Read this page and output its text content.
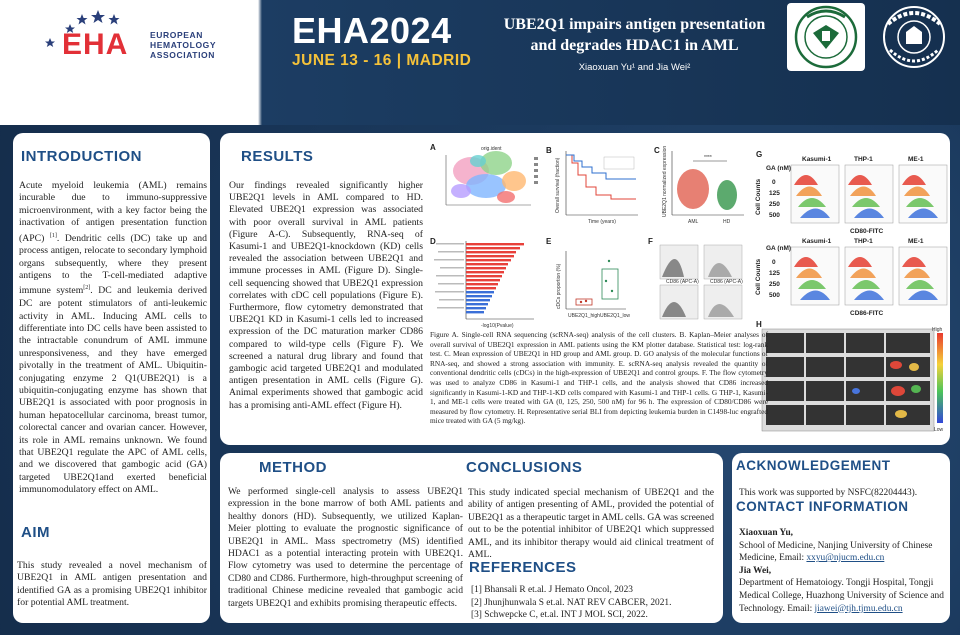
EHA	EUROPEAN HEMATOLOGY ASSOCIATION
EHA2024
JUNE 13 - 16 | MADRID
UBE2Q1 impairs antigen presentation
and degrades HDAC1 in AML
Xiaoxuan Yu¹ and Jia Wei²
INTRODUCTION
Acute myeloid leukemia (AML) remains incurable due to immuno-suppressive microenvironment, with a key factor being the inactivation of antigen presentation function (APC) [1]. Dendritic cells (DC) take up and process antigen, relocate to secondary lymphoid organs subsequently, where they present antigens to the T-cell-mediated adaptive immune system[2]. DC and leukemia derived DC are potent stimulators of anti-leukemic activity in AML. Inducing AML cells to differentiate into DC cells have been assisted to the intractable conundrum of AML immune unresponsiveness, and they have emerged pivotally in the treatment of AML. Ubiquitin-conjugating enzyme 2 Q1(UBE2Q1) is a ubiquitin-conjugating enzyme has shown that UBE2Q1 is associated with poor prognosis in human hepatocellular carcinoma, breast tumor, colorectal cancer and ovarian cancer. However, its role in AML remains unknown. We found that UBE2Q1 regulate the APC of AML cells, and we discovered that gambogic acid (GA) targeted UBE2Q1and exerted beneficial immunomodulatory effect on AML.
AIM
This study revealed a novel mechanism of UBE2Q1 in AML antigen presentation and identified GA as a promising UBE2Q1 inhibitor for potential AML treatment.
RESULTS
Our findings revealed significantly higher UBE2Q1 levels in AML compared to HD. Elevated UBE2Q1 expression was associated with poor overall survival in AML patients (Figure A-C). Subsequently, RNA-seq of Kasumi-1 and UBE2Q1-knockdown (KD) cells revealed the association between UBE2Q1 and immune processes in AML (Figure D). Single-cell sequencing showed that UBE2Q1 expression correlates with cDC cell populations (Figure E). Furthermore, flow cytometry demonstrated that UBE2Q1 KD in Kasumi-1 cells led to increased expression of the DC maturation marker CD86 compared to wild-type cells (Figure F). We screened a natural drug library and found that gambogic acid targeted UBE2Q1 and modulated antigen presentation in AML cells (Figure G). Animal experiments showed that gambogic acid has a promising anti-AML effect (Figure H).
A	orig.ident	B
Time (years)
Overall survival (fraction)
C
****
AML	HD
UBE2Q1 normalized expression
D
-log10(Pvalue)
E
UBE2Q1_high UBE2Q1_low
cDCs proportion (%)
F
CD86 (APC-A) CD86 (APC-A)
G
GA (nM)
0
125
250
500
Kasumi-1	THP-1	ME-1
Cell Counts
CD80-FITC
GA (nM)
0
125
250
500
Kasumi-1	THP-1	ME-1
Cell Counts
CD86-FITC
H
High
Low
Figure A. Single-cell RNA sequencing (scRNA-seq) analysis of the cell clusters. B. Kaplan–Meier analyses of overall survival of UBE2Q1 expression in AML patients using the KM plotter database. Statistical test: log-rank test. C. Mean expression of UBE2Q1 in HD group and AML group. D. GO analysis of the molecular functions of RNA-seq, and showed a strong association with immunity. E. scRNA-seq analysis revealed the quantity of conventional dendritic cells (cDCs) in the high-expression of UBE2Q1 and control groups. F. The flow cytometry was used to analyze CD86 in Kasumi-1 and THP-1 cells, and the analysis showed that CD86 increased significantly in Kasumi-1-KD and THP-1-KD cells compared with Kasumi-1 and THP-1 cells. G THP-1, Kasumi-1, and ME-1 cells were treated with GA (0, 125, 250, 500 nM) for 96 h. The expression of CD80/CD86 were measured by flow cytometry. H. Representative serial BLI from depicting leukemia burden in C1498-luc engrafted mice treated with GA (5 mg/kg).
METHOD
We performed single-cell analysis to assess UBE2Q1 expression in the bone marrow of both AML patients and healthy donors (HD). Subsequently, we utilized Kaplan-Meier plotting to evaluate the prognostic significance of UBE2Q1 in AML. Mass spectrometry (MS) identified HDAC1 as a potential interacting protein with UBE2Q1. Flow cytometry was used to determine the percentage of CD80 and CD86. Furthermore, high-throughput screening of traditional Chinese medicine revealed that gambogic acid targets UBE2Q1 and exhibits promising therapeutic effects.
CONCLUSIONS
This study indicated special mechanism of UBE2Q1 and the ability of antigen presenting of AML, provided the potential of UBE2Q1 as a therapeutic target in AML cells. GA was screened out to be the potential inhibitor of UBE2Q1 which suppressed AML, and its inhibitor therapy would aid clinical treatment of AML.
REFERENCES
[1] Bhansali R et.al. J Hemato Oncol, 2023
[2] Jhunjhunwala S et.al. NAT REV CABCER, 2021.
[3] Schwepcke C, et.al. INT J MOL SCI, 2022.
ACKNOWLEDGEMENT
This work was supported by NSFC(82204443).
CONTACT INFORMATION
Xiaoxuan Yu,
School of Medicine, Nanjing University of Chinese Medicine, Email: xxyu@njucm.edu.cn
Jia Wei,
Department of Hematoiogy. Tongji Hospital, Tongji Medical College, Huazhong University of Science and Technology. Email: jiawei@tjh.tjmu.edu.cn
